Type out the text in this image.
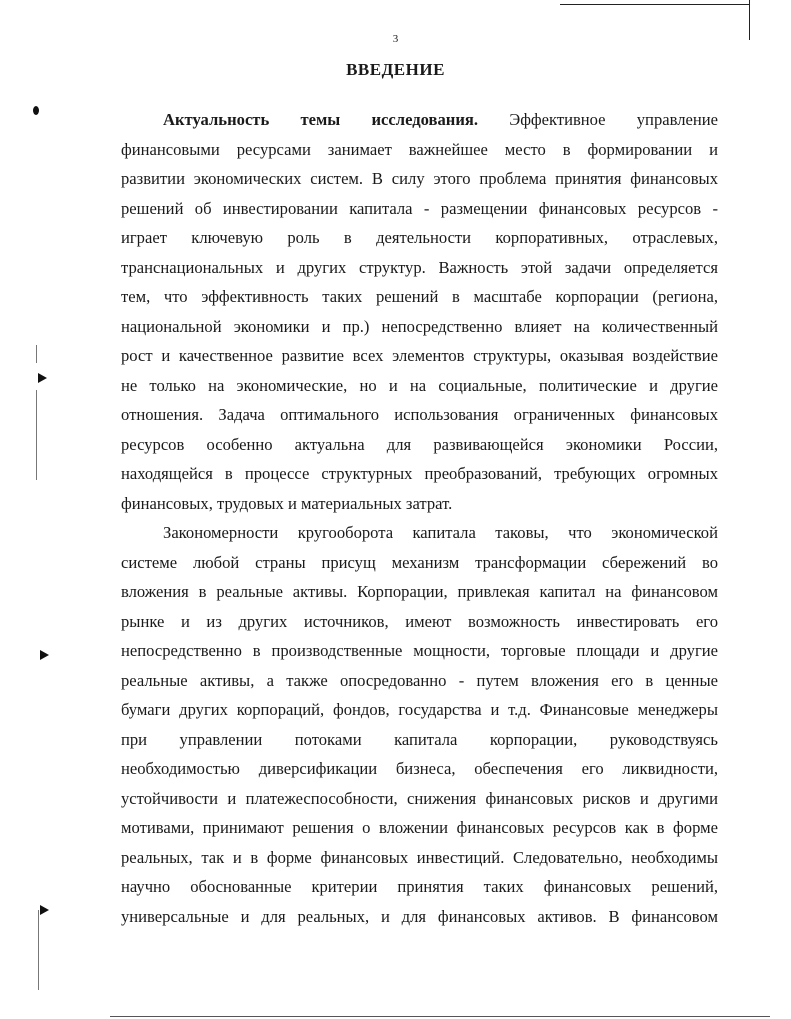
3
ВВЕДЕНИЕ
Актуальность темы исследования. Эффективное управление
финансовыми ресурсами занимает важнейшее место в формировании и
развитии экономических систем. В силу этого проблема принятия финансовых
решений об инвестировании капитала - размещении финансовых ресурсов -
играет ключевую роль в деятельности корпоративных, отраслевых,
транснациональных и других структур. Важность этой задачи определяется
тем, что эффективность таких решений в масштабе корпорации (региона,
национальной экономики и пр.) непосредственно влияет на количественный
рост и качественное развитие всех элементов структуры, оказывая воздействие
не только на экономические, но и на социальные, политические и другие
отношения. Задача оптимального использования ограниченных финансовых
ресурсов особенно актуальна для развивающейся экономики России,
находящейся в процессе структурных преобразований, требующих огромных
финансовых, трудовых и материальных затрат.
Закономерности кругооборота капитала таковы, что экономической
системе любой страны присущ механизм трансформации сбережений во
вложения в реальные активы. Корпорации, привлекая капитал на финансовом
рынке и из других источников, имеют возможность инвестировать его
непосредственно в производственные мощности, торговые площади и другие
реальные активы, а также опосредованно - путем вложения его в ценные
бумаги других корпораций, фондов, государства и т.д. Финансовые менеджеры
при управлении потоками капитала корпорации, руководствуясь
необходимостью диверсификации бизнеса, обеспечения его ликвидности,
устойчивости и платежеспособности, снижения финансовых рисков и другими
мотивами, принимают решения о вложении финансовых ресурсов как в форме
реальных, так и в форме финансовых инвестиций. Следовательно, необходимы
научно обоснованные критерии принятия таких финансовых решений,
универсальные и для реальных, и для финансовых активов. В финансовом
